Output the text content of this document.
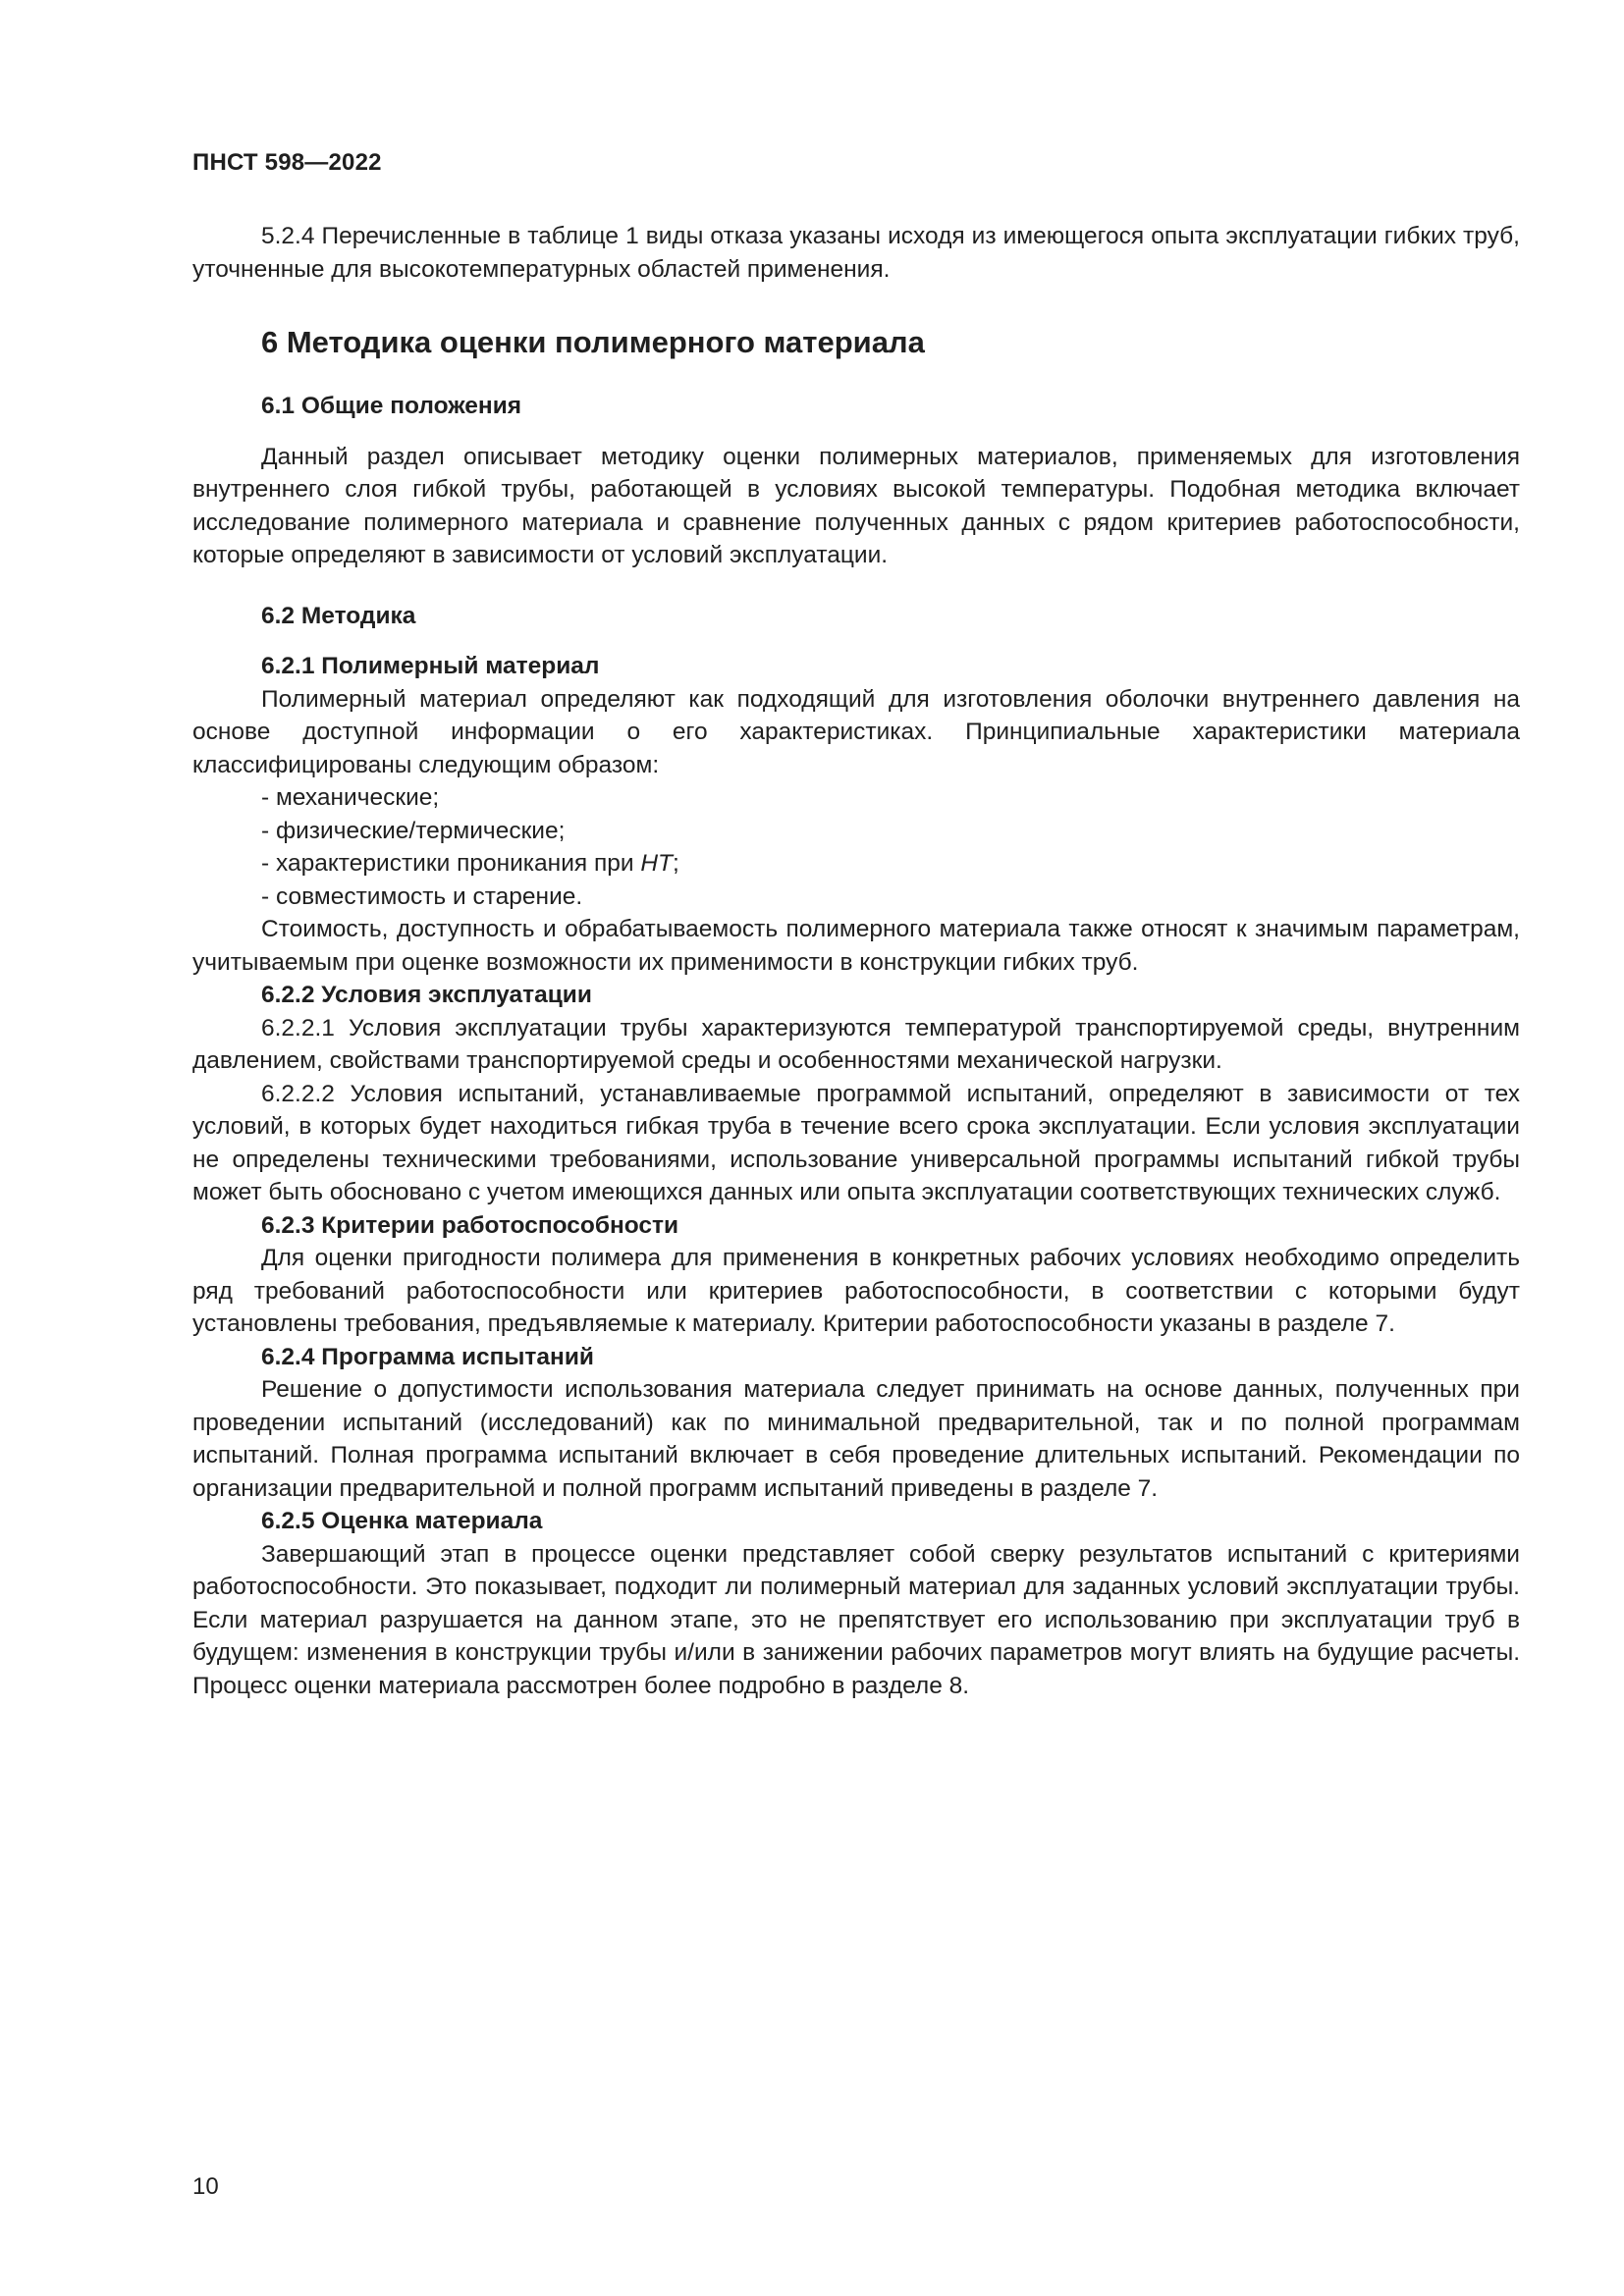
ПНСТ 598—2022

5.2.4 Перечисленные в таблице 1 виды отказа указаны исходя из имеющегося опыта эксплуатации гибких труб, уточненные для высокотемпературных областей применения.

6 Методика оценки полимерного материала
6.1 Общие положения

Данный раздел описывает методику оценки полимерных материалов, применяемых для изготовления внутреннего слоя гибкой трубы, работающей в условиях высокой температуры. Подобная методика включает исследование полимерного материала и сравнение полученных данных с рядом критериев работоспособности, которые определяют в зависимости от условий эксплуатации.

6.2 Методика
6.2.1 Полимерный материал

Полимерный материал определяют как подходящий для изготовления оболочки внутреннего давления на основе доступной информации о его характеристиках. Принципиальные характеристики материала классифицированы следующим образом:

- механические;
- физические/термические;
- характеристики проникания при HT;
- совместимость и старение.

Стоимость, доступность и обрабатываемость полимерного материала также относят к значимым параметрам, учитываемым при оценке возможности их применимости в конструкции гибких труб.

6.2.2 Условия эксплуатации

6.2.2.1 Условия эксплуатации трубы характеризуются температурой транспортируемой среды, внутренним давлением, свойствами транспортируемой среды и особенностями механической нагрузки.

6.2.2.2 Условия испытаний, устанавливаемые программой испытаний, определяют в зависимости от тех условий, в которых будет находиться гибкая труба в течение всего срока эксплуатации. Если условия эксплуатации не определены техническими требованиями, использование универсальной программы испытаний гибкой трубы может быть обосновано с учетом имеющихся данных или опыта эксплуатации соответствующих технических служб.

6.2.3 Критерии работоспособности

Для оценки пригодности полимера для применения в конкретных рабочих условиях необходимо определить ряд требований работоспособности или критериев работоспособности, в соответствии с которыми будут установлены требования, предъявляемые к материалу. Критерии работоспособности указаны в разделе 7.

6.2.4 Программа испытаний

Решение о допустимости использования материала следует принимать на основе данных, полученных при проведении испытаний (исследований) как по минимальной предварительной, так и по полной программам испытаний. Полная программа испытаний включает в себя проведение длительных испытаний. Рекомендации по организации предварительной и полной программ испытаний приведены в разделе 7.

6.2.5 Оценка материала

Завершающий этап в процессе оценки представляет собой сверку результатов испытаний с критериями работоспособности. Это показывает, подходит ли полимерный материал для заданных условий эксплуатации трубы. Если материал разрушается на данном этапе, это не препятствует его использованию при эксплуатации труб в будущем: изменения в конструкции трубы и/или в занижении рабочих параметров могут влиять на будущие расчеты. Процесс оценки материала рассмотрен более подробно в разделе 8.

10
